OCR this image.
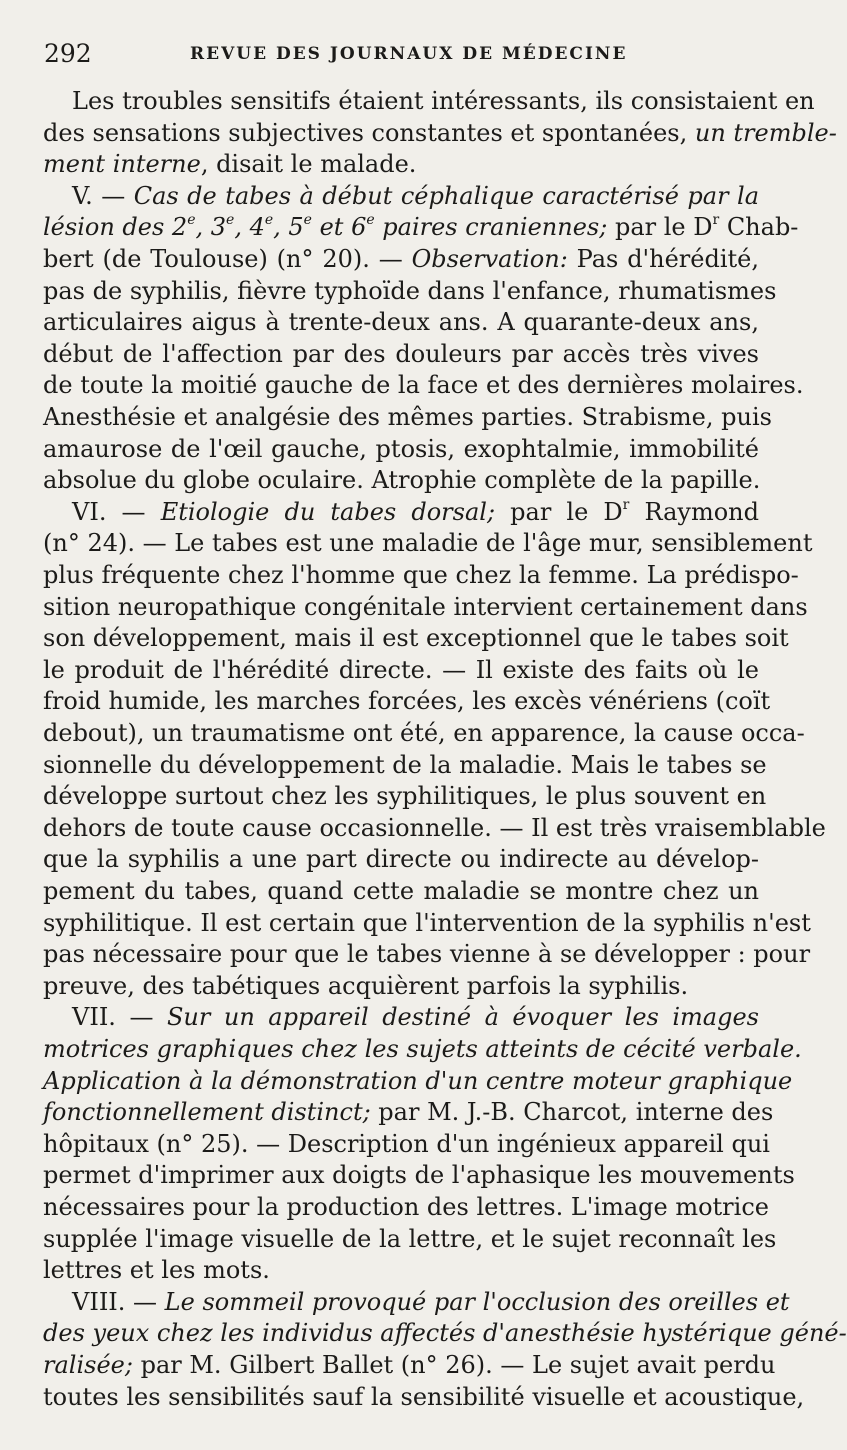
292	REVUE DES JOURNAUX DE MÉDECINE
Les troubles sensitifs étaient intéressants, ils consistaient en
des sensations subjectives constantes et spontanées, un tremble-
ment interne, disait le malade.
V. — Cas de tabes à début céphalique caractérisé par la
lésion des 2e, 3e, 4e, 5e et 6e paires craniennes; par le $D^r$ Chab-
bert (de Toulouse) (n° 20). — Observation: Pas d'hérédité,
pas de syphilis, fièvre typhoïde dans l'enfance, rhumatismes
articulaires aigus à trente-deux ans. A quarante-deux ans,
début de l'affection par des douleurs par accès très vives
de toute la moitié gauche de la face et des dernières molaires.
Anesthésie et analgésie des mêmes parties. Strabisme, puis
amaurose de l'œil gauche, ptosis, exophtalmie, immobilité
absolue du globe oculaire. Atrophie complète de la papille.
VI. — Etiologie du tabes dorsal; par le $D^r$ Raymond
(n° 24). — Le tabes est une maladie de l'âge mur, sensiblement
plus fréquente chez l'homme que chez la femme. La prédispo-
sition neuropathique congénitale intervient certainement dans
son développement, mais il est exceptionnel que le tabes soit
le produit de l'hérédité directe. — Il existe des faits où le
froid humide, les marches forcées, les excès vénériens (coït
debout), un traumatisme ont été, en apparence, la cause occa-
sionnelle du développement de la maladie. Mais le tabes se
développe surtout chez les syphilitiques, le plus souvent en
dehors de toute cause occasionnelle. — Il est très vraisemblable
que la syphilis a une part directe ou indirecte au dévelop-
pement du tabes, quand cette maladie se montre chez un
syphilitique. Il est certain que l'intervention de la syphilis n'est
pas nécessaire pour que le tabes vienne à se développer : pour
preuve, des tabétiques acquièrent parfois la syphilis.
VII. — Sur un appareil destiné à évoquer les images
motrices graphiques chez les sujets atteints de cécité verbale.
Application à la démonstration d'un centre moteur graphique
fonctionnellement distinct; par M. J.-B. Charcot, interne des
hôpitaux (n° 25). — Description d'un ingénieux appareil qui
permet d'imprimer aux doigts de l'aphasique les mouvements
nécessaires pour la production des lettres. L'image motrice
supplée l'image visuelle de la lettre, et le sujet reconnaît les
lettres et les mots.
VIII. — Le sommeil provoqué par l'occlusion des oreilles et
des yeux chez les individus affectés d'anesthésie hystérique géné-
ralisée; par M. Gilbert Ballet (n° 26). — Le sujet avait perdu
toutes les sensibilités sauf la sensibilité visuelle et acoustique,
